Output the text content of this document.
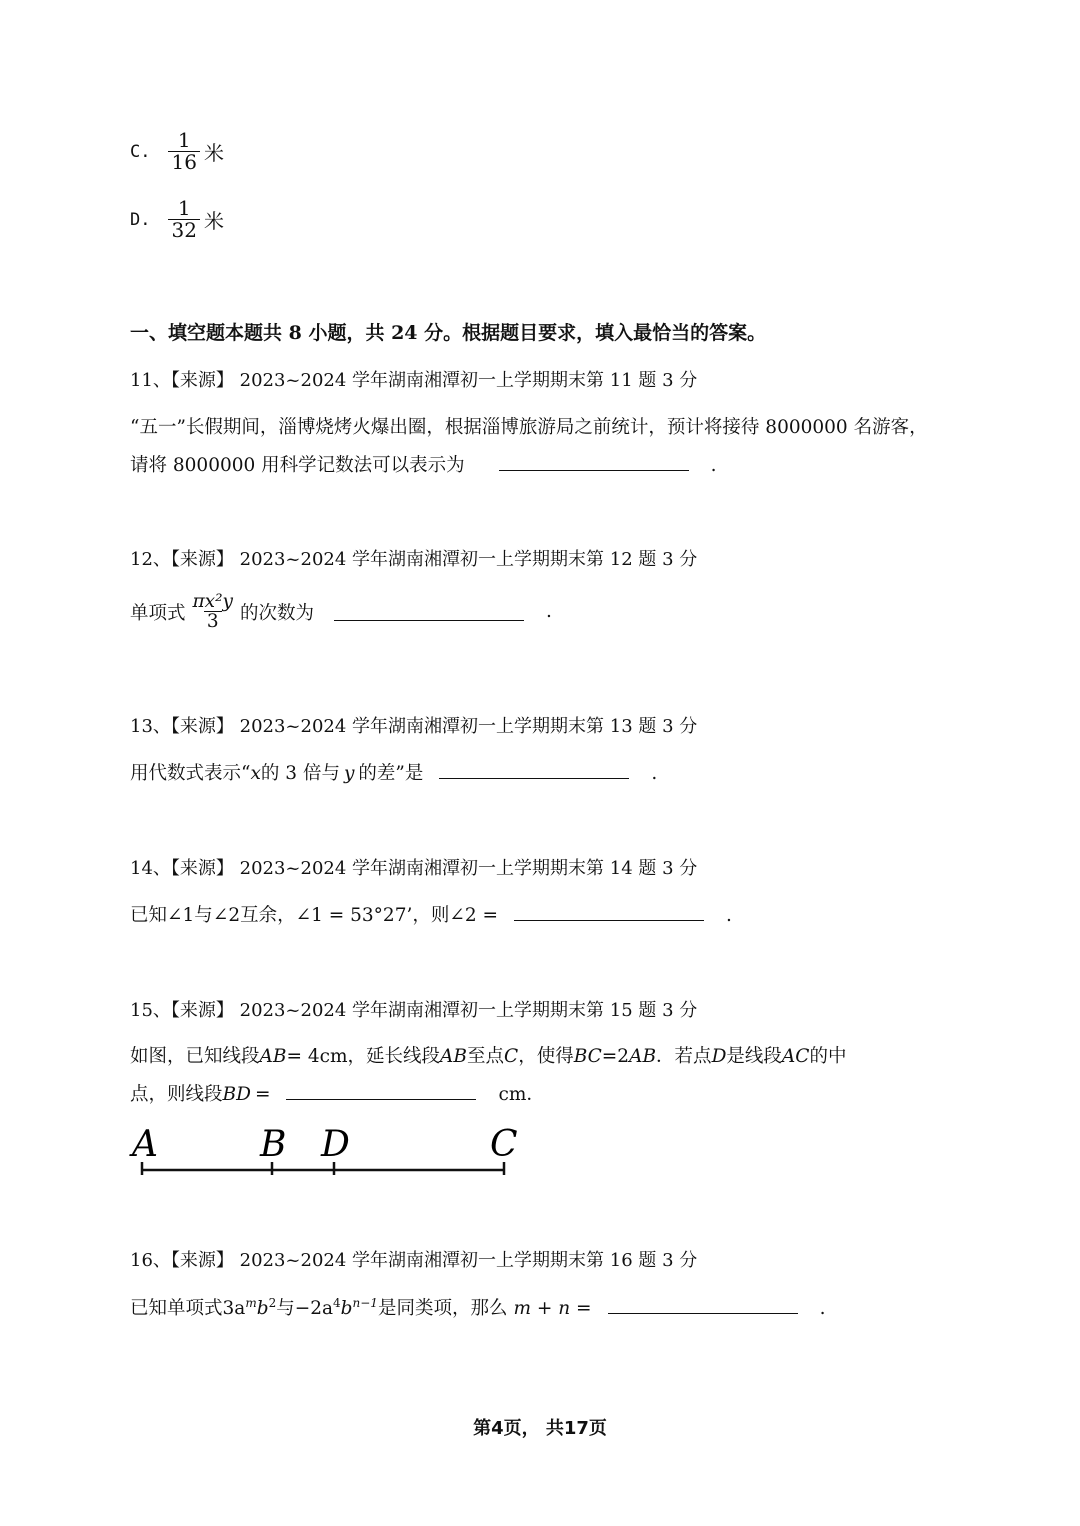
C. $\frac{1}{16}$ 米
D. $\frac{1}{32}$ 米
一、填空题本题共 8 小题，共 24 分。根据题目要求，填入最恰当的答案。
11、【来源】 2023~2024 学年湖南湘潭初一上学期期末第 11 题 3 分
“五一”长假期间，淄博烧烤火爆出圈，根据淄博旅游局之前统计，预计将接待 8000000 名游客，
请将 8000000 用科学记数法可以表示为	.
12、【来源】 2023~2024 学年湖南湘潭初一上学期期末第 12 题 3 分
单项式 $\frac{\text{πx²y}}{3}$ 的次数为	.
13、【来源】 2023~2024 学年湖南湘潭初一上学期期末第 13 题 3 分
用代数式表示“x的 3 倍与 y 的差”是	.
14、【来源】 2023~2024 学年湖南湘潭初一上学期期末第 14 题 3 分
已知∠1与∠2互余，∠1 = 53°27’，则∠2 =	.
15、【来源】 2023~2024 学年湖南湘潭初一上学期期末第 15 题 3 分
如图，已知线段AB= 4cm，延长线段AB至点C，使得BC=2AB．若点D是线段AC的中
点，则线段BD =	cm．
A	B D	C
16、【来源】 2023~2024 学年湖南湘潭初一上学期期末第 16 题 3 分
已知单项式$3a^mb^2$与$-2a^4b^{n-1}$是同类项，那么 m + n =	.
第4页， 共17页
